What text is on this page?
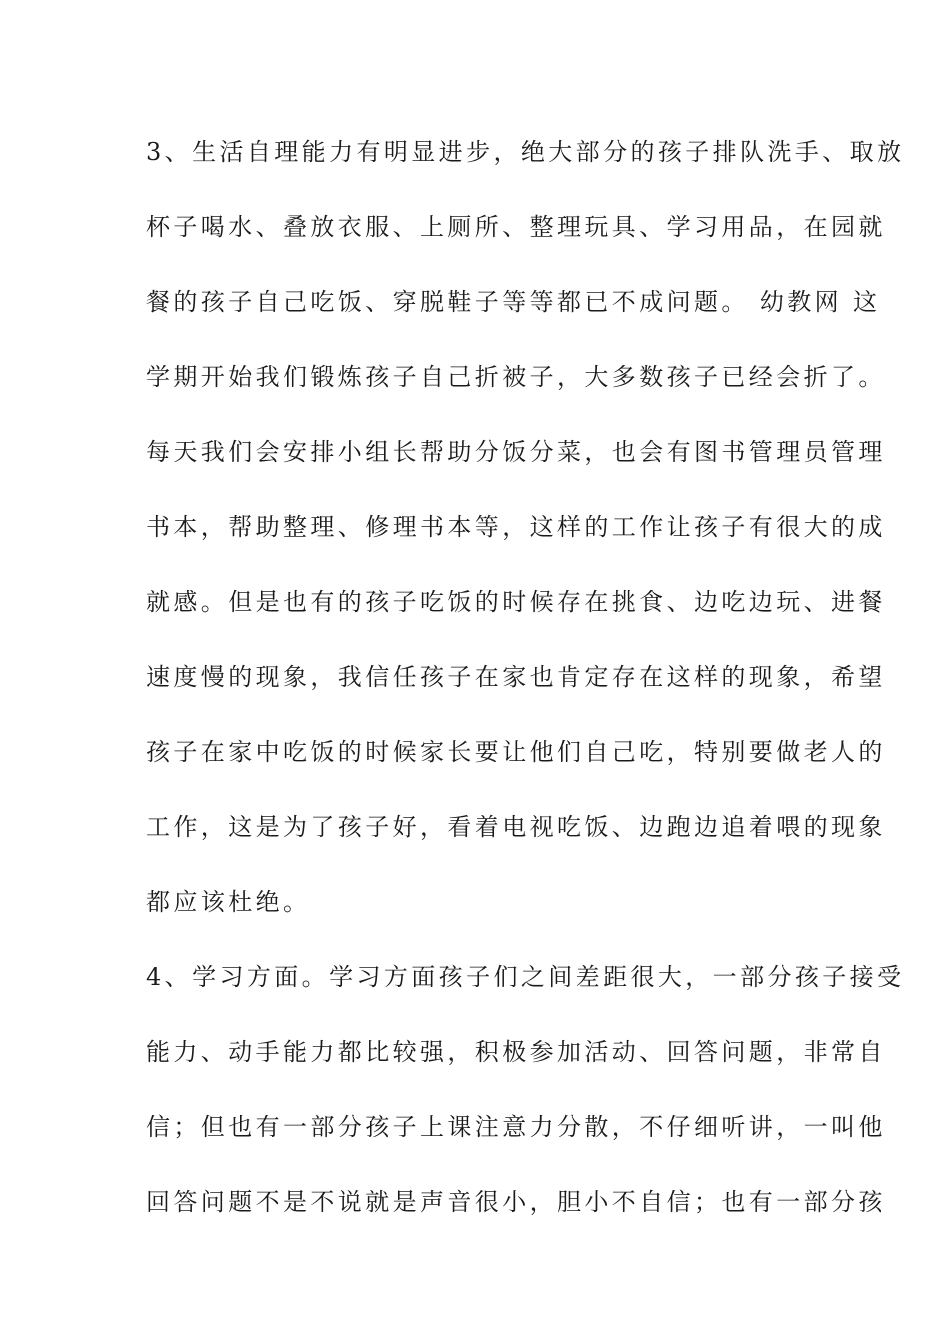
3、生活自理能力有明显进步，绝大部分的孩子排队洗手、取放
杯子喝水、叠放衣服、上厕所、整理玩具、学习用品，在园就
餐的孩子自己吃饭、穿脱鞋子等等都已不成问题。 幼教网 这
学期开始我们锻炼孩子自己折被子，大多数孩子已经会折了。
每天我们会安排小组长帮助分饭分菜，也会有图书管理员管理
书本，帮助整理、修理书本等，这样的工作让孩子有很大的成
就感。但是也有的孩子吃饭的时候存在挑食、边吃边玩、进餐
速度慢的现象，我信任孩子在家也肯定存在这样的现象，希望
孩子在家中吃饭的时候家长要让他们自己吃，特别要做老人的
工作，这是为了孩子好，看着电视吃饭、边跑边追着喂的现象
都应该杜绝。
4、学习方面。学习方面孩子们之间差距很大，一部分孩子接受
能力、动手能力都比较强，积极参加活动、回答问题，非常自
信；但也有一部分孩子上课注意力分散，不仔细听讲，一叫他
回答问题不是不说就是声音很小，胆小不自信；也有一部分孩
